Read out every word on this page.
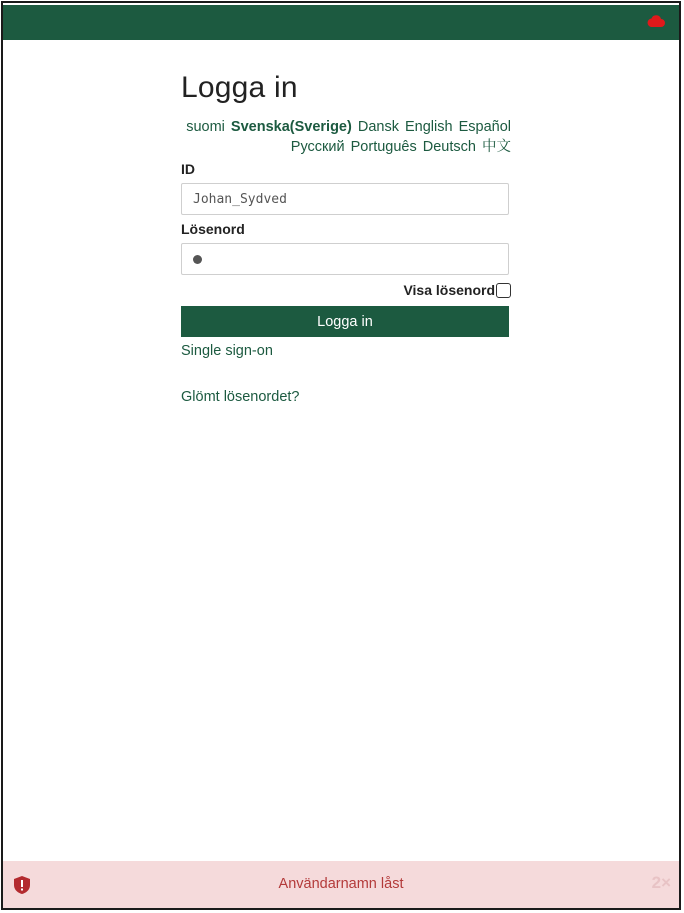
Logga in
suomi Svenska(Sverige) Dansk English Español
Русский Português Deutsch 中文
ID
Johan_Sydved
Lösenord
Visa lösenord
Logga in
Single sign-on
Glömt lösenordet?
Användarnamn låst	2×
